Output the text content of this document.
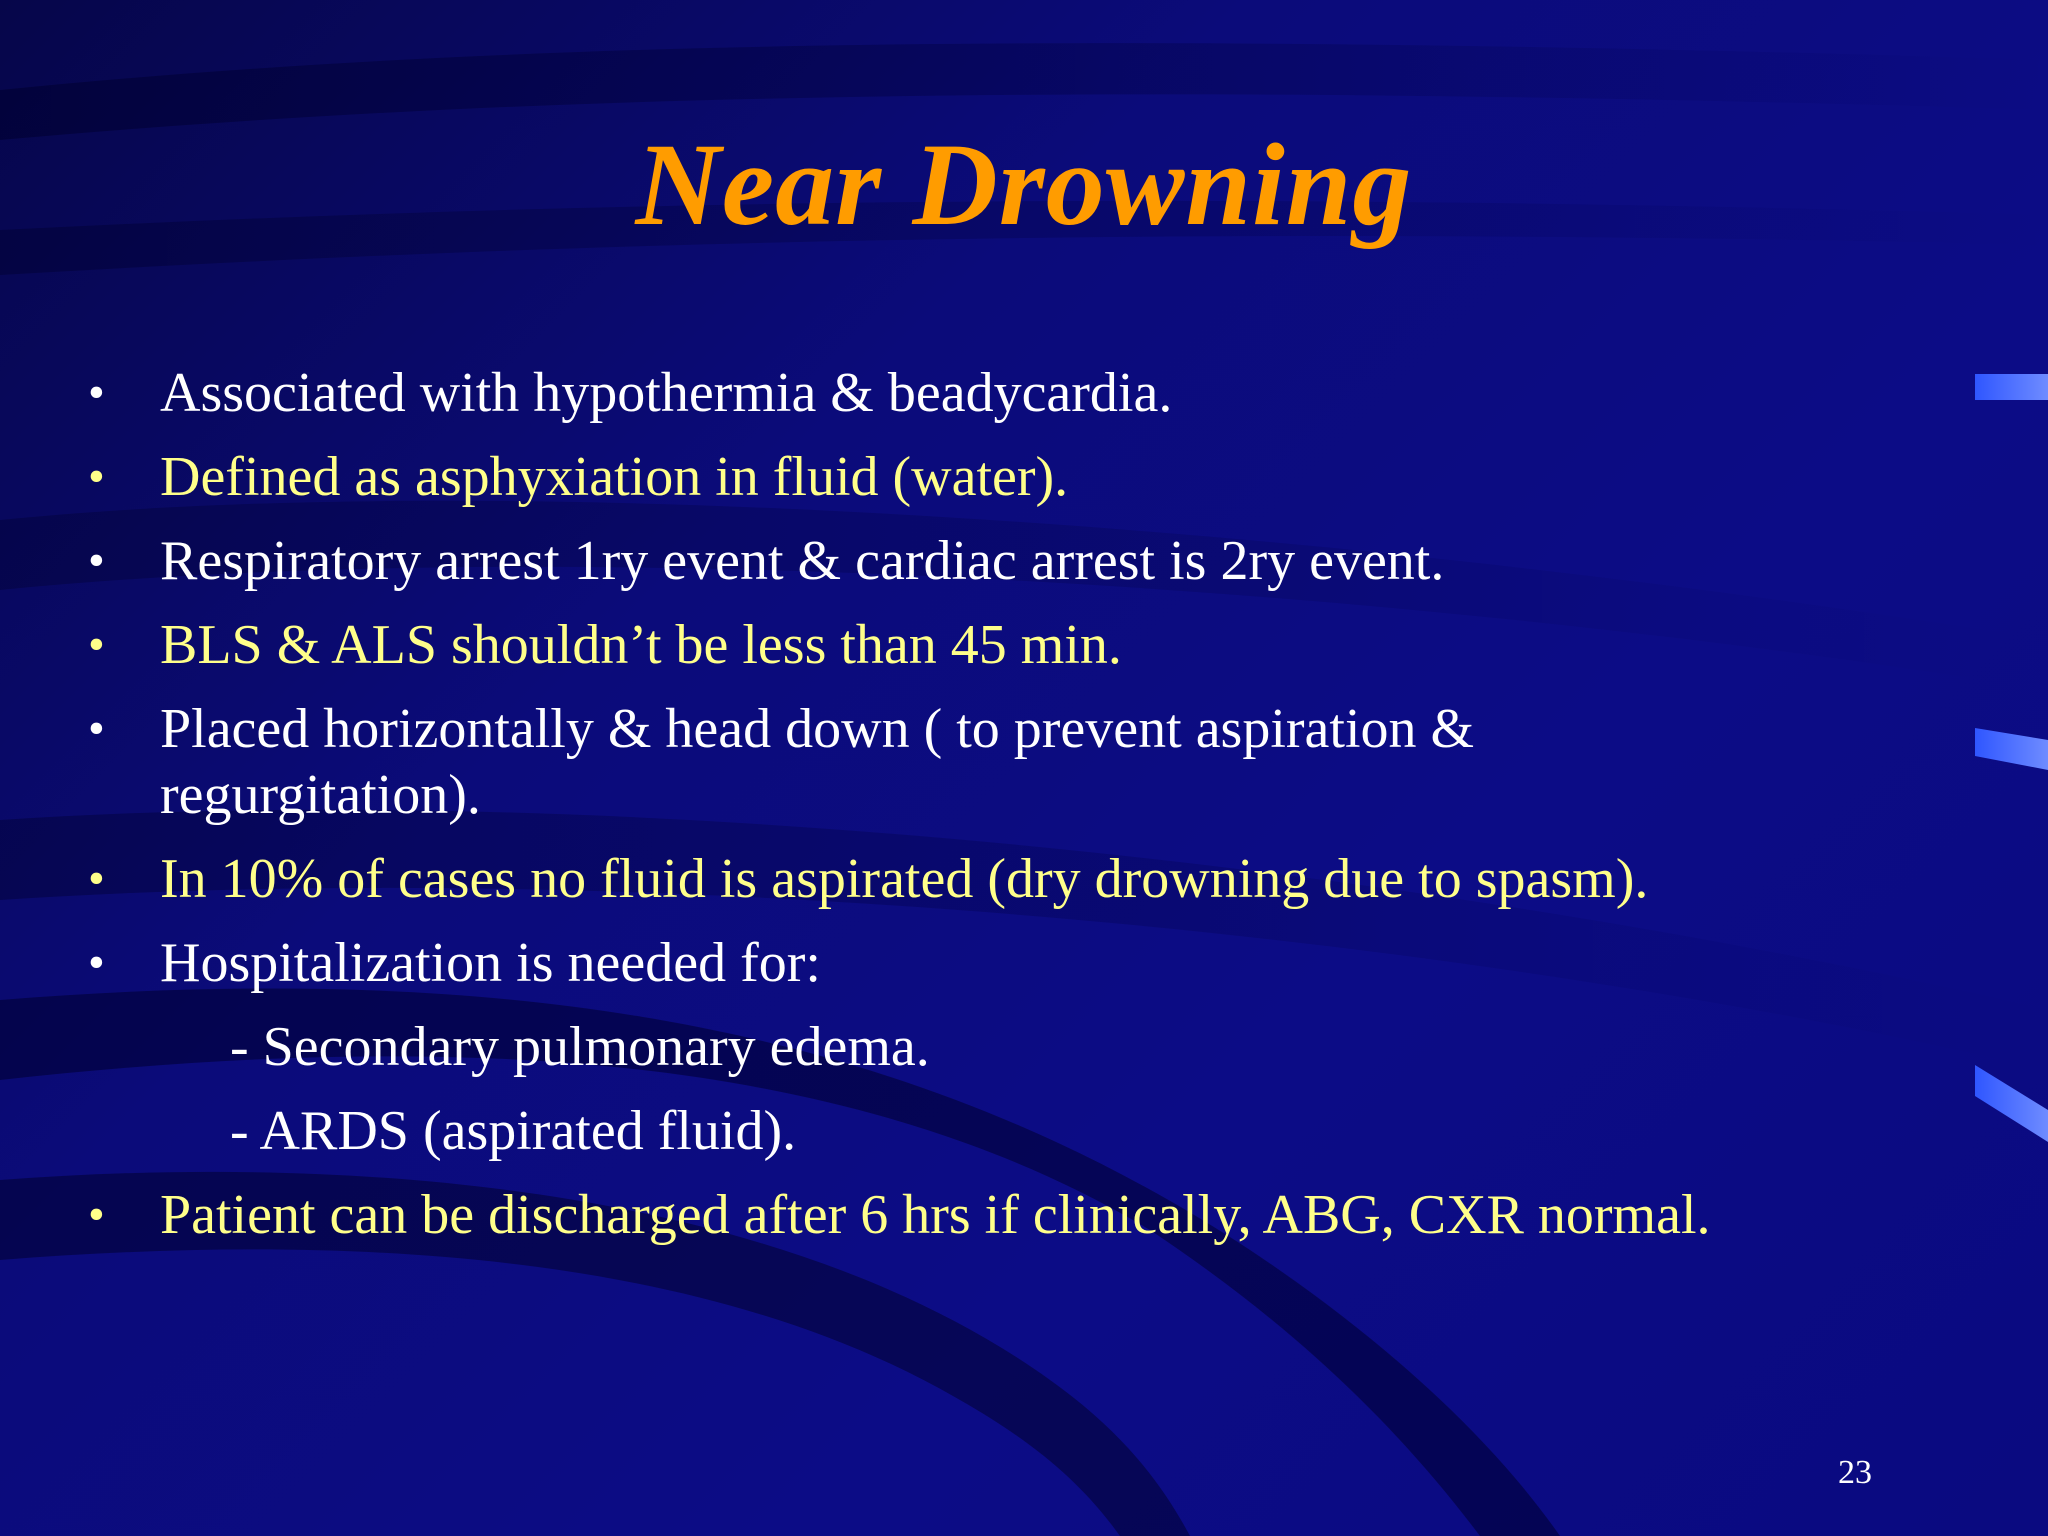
Near Drowning
• Associated with hypothermia & beadycardia.
• Defined as asphyxiation in fluid (water).
• Respiratory arrest 1ry event & cardiac arrest is 2ry event.
• BLS & ALS shouldn’t be less than 45 min.
• Placed horizontally & head down ( to prevent aspiration & regurgitation).
• In 10% of cases no fluid is aspirated (dry drowning due to spasm).
• Hospitalization is needed for:
- Secondary pulmonary edema.
- ARDS (aspirated fluid).
• Patient can be discharged after 6 hrs if clinically, ABG, CXR normal.
23
